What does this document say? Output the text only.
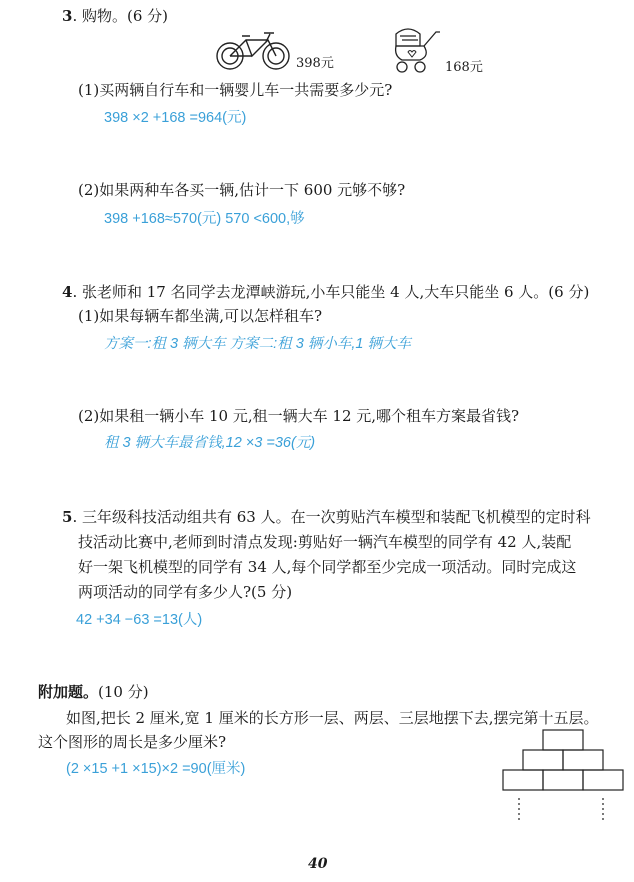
3. 购物。(6 分)
398元	168元
(1)买两辆自行车和一辆婴儿车一共需要多少元?
398 ×2 +168 =964(元)
(2)如果两种车各买一辆,估计一下 600 元够不够?
398 +168≈570(元) 570 <600,够
4. 张老师和 17 名同学去龙潭峡游玩,小车只能坐 4 人,大车只能坐 6 人。(6 分)
(1)如果每辆车都坐满,可以怎样租车?
方案一:租 3 辆大车 方案二:租 3 辆小车,1 辆大车
(2)如果租一辆小车 10 元,租一辆大车 12 元,哪个租车方案最省钱?
租 3 辆大车最省钱,12 ×3 =36(元)
5. 三年级科技活动组共有 63 人。在一次剪贴汽车模型和装配飞机模型的定时科
技活动比赛中,老师到时清点发现:剪贴好一辆汽车模型的同学有 42 人,装配
好一架飞机模型的同学有 34 人,每个同学都至少完成一项活动。同时完成这
两项活动的同学有多少人?(5 分)
42 +34 −63 =13(人)
附加题。(10 分)
如图,把长 2 厘米,宽 1 厘米的长方形一层、两层、三层地摆下去,摆完第十五层。
这个图形的周长是多少厘米?
(2 ×15 +1 ×15)×2 =90(厘米)
40
